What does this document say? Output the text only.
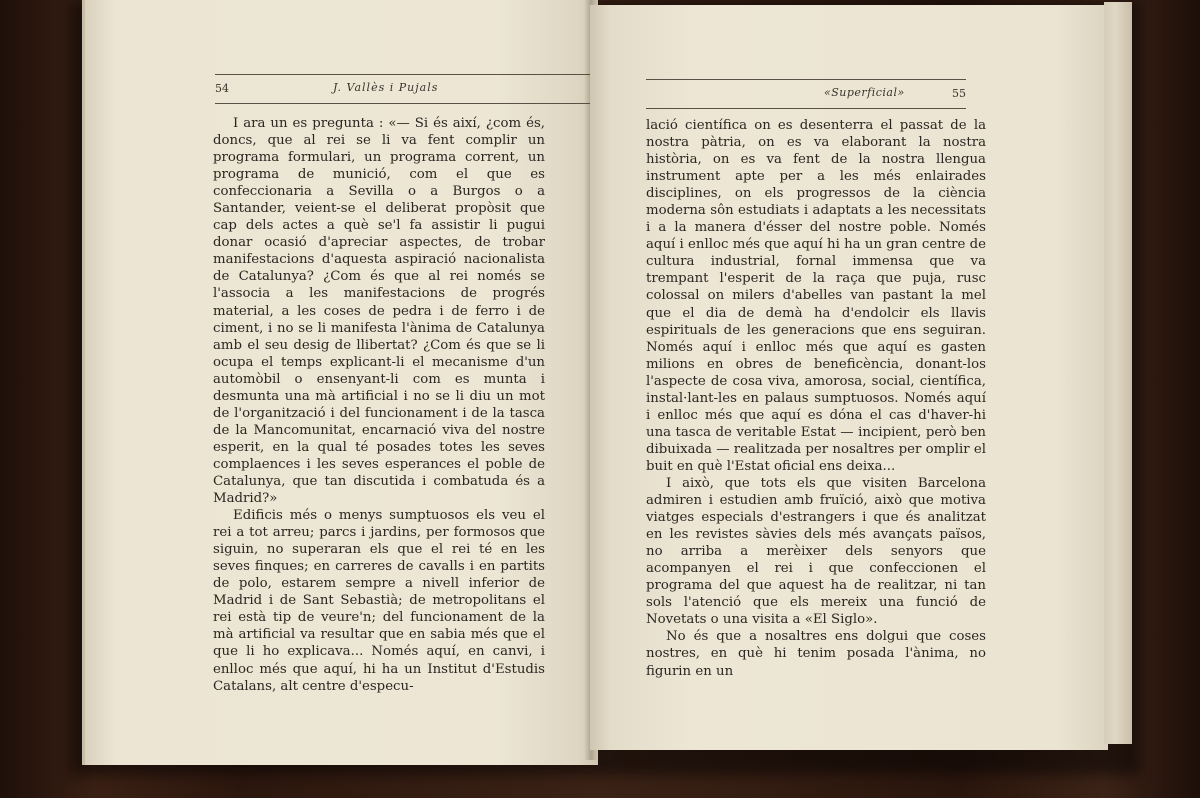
54	J. Vallès i Pujals

I ara un es pregunta : «— Si és així, ¿com és, doncs, que al rei se li va fent complir un programa formulari, un programa corrent, un programa de munició, com el que es confeccionaria a Sevilla o a Burgos o a Santander, veient-se el deliberat propòsit que cap dels actes a què se'l fa assistir li pugui donar ocasió d'apreciar aspectes, de trobar manifestacions d'aquesta aspiració nacionalista de Catalunya? ¿Com és que al rei només se l'associa a les manifestacions de progrés material, a les coses de pedra i de ferro i de ciment, i no se li manifesta l'ànima de Catalunya amb el seu desig de llibertat? ¿Com és que se li ocupa el temps explicant-li el mecanisme d'un automòbil o ensenyant-li com es munta i desmunta una mà artificial i no se li diu un mot de l'organització i del funcionament i de la tasca de la Mancomunitat, encarnació viva del nostre esperit, en la qual té posades totes les seves complaences i les seves esperances el poble de Catalunya, que tan discutida i combatuda és a Madrid?»

Edificis més o menys sumptuosos els veu el rei a tot arreu; parcs i jardins, per formosos que siguin, no superaran els que el rei té en les seves finques; en carreres de cavalls i en partits de polo, estarem sempre a nivell inferior de Madrid i de Sant Sebastià; de metropolitans el rei està tip de veure'n; del funcionament de la mà artificial va resultar que en sabia més que el que li ho explicava... Només aquí, en canvi, i enlloc més que aquí, hi ha un Institut d'Estudis Catalans, alt centre d'especu-

«Superficial»	55

lació científica on es desenterra el passat de la nostra pàtria, on es va elaborant la nostra història, on es va fent de la nostra llengua instrument apte per a les més enlairades disciplines, on els progressos de la ciència moderna sôn estudiats i adaptats a les necessitats i a la manera d'ésser del nostre poble. Només aquí i enlloc més que aquí hi ha un gran centre de cultura industrial, fornal immensa que va trempant l'esperit de la raça que puja, rusc colossal on milers d'abelles van pastant la mel que el dia de demà ha d'endolcir els llavis espirituals de les generacions que ens seguiran. Només aquí i enlloc més que aquí es gasten milions en obres de beneficència, donant-los l'aspecte de cosa viva, amorosa, social, científica, instal·lant-les en palaus sumptuosos. Només aquí i enlloc més que aquí es dóna el cas d'haver-hi una tasca de veritable Estat — incipient, però ben dibuixada — realitzada per nosaltres per omplir el buit en què l'Estat oficial ens deixa...

I això, que tots els que visiten Barcelona admiren i estudien amb fruïció, això que motiva viatges especials d'estrangers i que és analitzat en les revistes sàvies dels més avançats països, no arriba a merèixer dels senyors que acompanyen el rei i que confeccionen el programa del que aquest ha de realitzar, ni tan sols l'atenció que els mereix una funció de Novetats o una visita a «El Siglo».

No és que a nosaltres ens dolgui que coses nostres, en què hi tenim posada l'ànima, no figurin en un
